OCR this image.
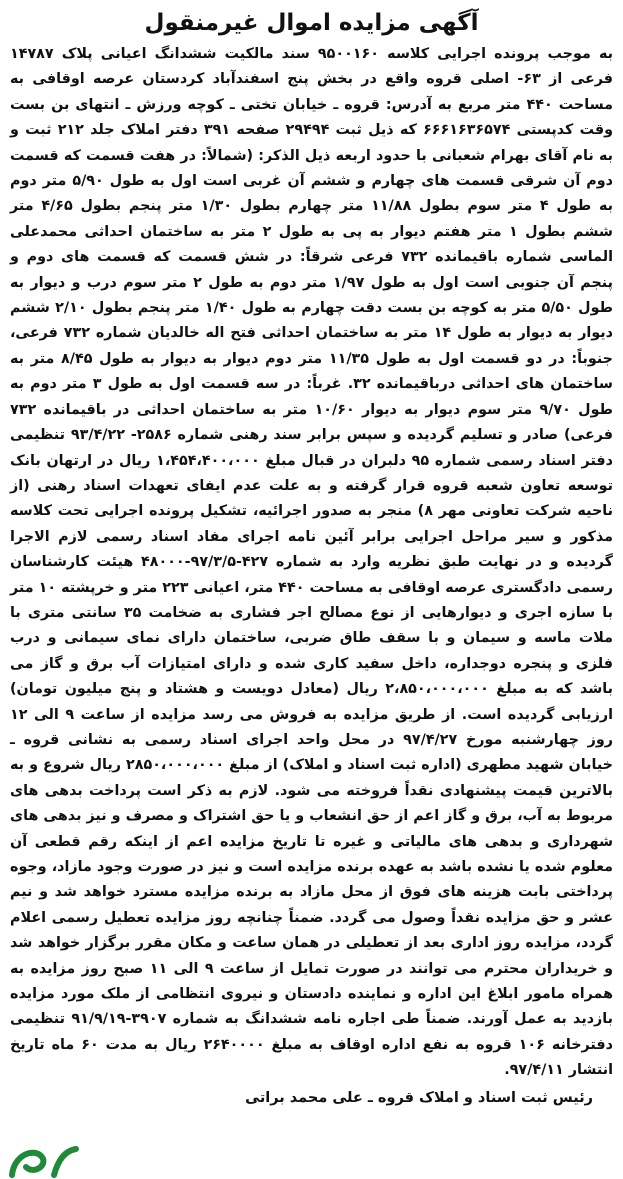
آگهی مزایده اموال غیرمنقول

به موجب پرونده اجرایی کلاسه ۹۵۰۰۱۶۰ سند مالکیت ششدانگ اعیانی پلاک ۱۴۷۸۷ فرعی از ۶۳- اصلی قروه واقع در بخش پنج اسفندآباد کردستان عرصه اوقافی به مساحت ۴۴۰ متر مربع به آدرس: قروه ـ خیابان تختی ـ کوچه ورزش ـ انتهای بن بست وقت کدپستی ۶۶۶۱۶۳۶۵۷۴ که ذیل ثبت ۲۹۴۹۴ صفحه ۳۹۱ دفتر املاک جلد ۲۱۲ ثبت و به نام آقای بهرام شعبانی با حدود اربعه ذیل الذکر: (شمالاً: در هفت قسمت که قسمت دوم آن شرقی قسمت های چهارم و ششم آن غربی است اول به طول ۵/۹۰ متر دوم به طول ۴ متر سوم بطول ۱۱/۸۸ متر چهارم بطول ۱/۳۰ متر پنجم بطول ۴/۶۵ متر ششم بطول ۱ متر هفتم دیوار به پی به طول ۲ متر به ساختمان احداثی محمدعلی الماسی شماره باقیمانده ۷۳۲ فرعی شرقاً: در شش قسمت که قسمت های دوم و پنجم آن جنوبی است اول به طول ۱/۹۷ متر دوم به طول ۲ متر سوم درب و دیوار به طول ۵/۵۰ متر به کوچه بن بست دقت چهارم به طول ۱/۴۰ متر پنجم بطول ۲/۱۰ ششم دیوار به دیوار به طول ۱۴ متر به ساختمان احداثی فتح اله خالدیان شماره ۷۳۲ فرعی، جنوباً: در دو قسمت اول به طول ۱۱/۳۵ متر دوم دیوار به دیوار به طول ۸/۴۵ متر به ساختمان های احداثی درباقیمانده ۳۲. غرباً: در سه قسمت اول به طول ۳ متر دوم به طول ۹/۷۰ متر سوم دیوار به دیوار ۱۰/۶۰ متر به ساختمان احداثی در باقیمانده ۷۳۲ فرعی) صادر و تسلیم گردیده و سپس برابر سند رهنی شماره ۲۵۸۶- ۹۳/۴/۲۲ تنظیمی دفتر اسناد رسمی شماره ۹۵ دلبران در قبال مبلغ ۱،۴۵۴،۴۰۰،۰۰۰ ریال در ارتهان بانک توسعه تعاون شعبه قروه قرار گرفته و به علت عدم ایفای تعهدات اسناد رهنی (از ناحیه شرکت تعاونی مهر ۸) منجر به صدور اجرائیه، تشکیل پرونده اجرایی تحت کلاسه مذکور و سیر مراحل اجرایی برابر آئین نامه اجرای مفاد اسناد رسمی لازم الاجرا گردیده و در نهایت طبق نظریه وارد به شماره ۴۲۷-۹۷/۳/۵-۴۸۰۰۰ هیئت کارشناسان رسمی دادگستری عرصه اوقافی به مساحت ۴۴۰ متر، اعیانی ۲۲۳ متر و خرپشته ۱۰ متر با سازه اجری و دیوارهایی از نوع مصالح اجر فشاری به ضخامت ۳۵ سانتی متری با ملات ماسه و سیمان و با سقف طاق ضربی، ساختمان دارای نمای سیمانی و درب فلزی و پنجره دوجداره، داخل سفید کاری شده و دارای امتیازات آب برق و گاز می باشد که به مبلغ ۲،۸۵۰،۰۰۰،۰۰۰ ریال (معادل دویست و هشتاد و پنج میلیون تومان) ارزیابی گردیده است. از طریق مزایده به فروش می رسد مزایده از ساعت ۹ الی ۱۲ روز چهارشنبه مورخ ۹۷/۴/۲۷ در محل واحد اجرای اسناد رسمی به نشانی قروه ـ خیابان شهید مطهری (اداره ثبت اسناد و املاک) از مبلغ ۲۸۵۰،۰۰۰،۰۰۰ ریال شروع و به بالاترین قیمت پیشنهادی نقداً فروخته می شود. لازم به ذکر است پرداخت بدهی های مربوط به آب، برق و گاز اعم از حق انشعاب و یا حق اشتراک و مصرف و نیز بدهی های شهرداری و بدهی های مالیاتی و غیره تا تاریخ مزایده اعم از اینکه رقم قطعی آن معلوم شده یا نشده باشد به عهده برنده مزایده است و نیز در صورت وجود مازاد، وجوه پرداختی بابت هزینه های فوق از محل مازاد به برنده مزایده مسترد خواهد شد و نیم عشر و حق مزایده نقداً وصول می گردد. ضمناً چنانچه روز مزایده تعطیل رسمی اعلام گردد، مزایده روز اداری بعد از تعطیلی در همان ساعت و مکان مقرر برگزار خواهد شد و خریداران محترم می توانند در صورت تمایل از ساعت ۹ الی ۱۱ صبح روز مزایده به همراه مامور ابلاغ این اداره و نماینده دادستان و نیروی انتظامی از ملک مورد مزایده بازدید به عمل آورند. ضمناً طی اجاره نامه ششدانگ به شماره ۳۹۰۷-۹۱/۹/۱۹ تنظیمی دفترخانه ۱۰۶ قروه به نفع اداره اوقاف به مبلغ ۲۶۴۰۰۰۰ ریال به مدت ۶۰ ماه تاریخ انتشار ۹۷/۴/۱۱.

رئیس ثبت اسناد و املاک قروه ـ علی محمد براتی
